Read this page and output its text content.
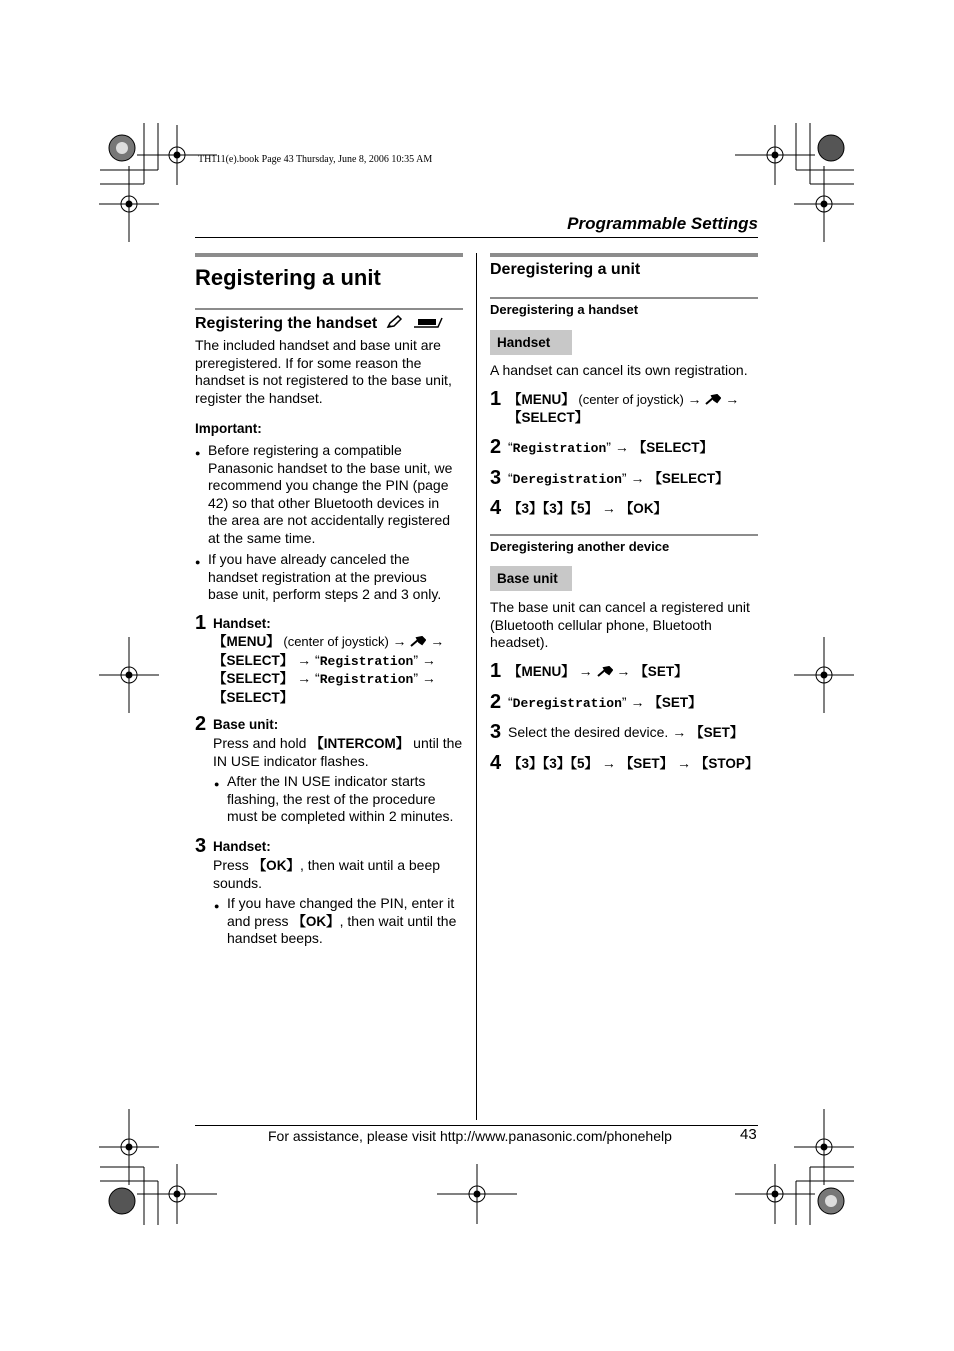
TH111(e).book Page 43 Thursday, June 8, 2006 10:35 AM
Programmable Settings
Registering a unit
Registering the handset
The included handset and base unit are
preregistered. If for some reason the
handset is not registered to the base unit,
register the handset.
Important:
● Before registering a compatible
Panasonic handset to the base unit, we
recommend you change the PIN (page
42) so that other Bluetooth devices in
the area are not accidentally registered
at the same time.
● If you have already canceled the
handset registration at the previous
base unit, perform steps 2 and 3 only.
1 Handset:
【MENU】 (center of joystick) → →
【SELECT】 → “Registration” →
【SELECT】 → “Registration” →
【SELECT】
2 Base unit:
Press and hold 【INTERCOM】 until the
IN USE indicator flashes.
● After the IN USE indicator starts
flashing, the rest of the procedure
must be completed within 2 minutes.
3 Handset:
Press 【OK】, then wait until a beep
sounds.
● If you have changed the PIN, enter it
and press 【OK】, then wait until the
handset beeps.
Deregistering a unit
Deregistering a handset
Handset
A handset can cancel its own registration.
1 【MENU】 (center of joystick) → →
【SELECT】
2 “Registration” → 【SELECT】
3 “Deregistration” → 【SELECT】
4 【3】【3】【5】 → 【OK】
Deregistering another device
Base unit
The base unit can cancel a registered unit
(Bluetooth cellular phone, Bluetooth
headset).
1 【MENU】 → → 【SET】
2 “Deregistration” → 【SET】
3 Select the desired device. → 【SET】
4 【3】【3】【5】 → 【SET】 → 【STOP】
For assistance, please visit http://www.panasonic.com/phonehelp	43
